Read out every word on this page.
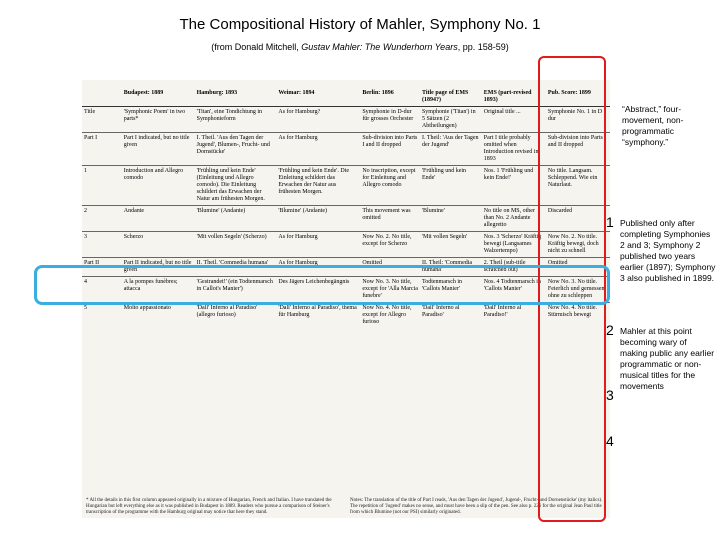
The Compositional History of Mahler, Symphony No. 1
(from Donald Mitchell, Gustav Mahler: The Wunderhorn Years, pp. 158-59)
		Budapest: 1889	Hamburg: 1893	Weimar: 1894	Berlin: 1896	Title page of EMS (1894?)	EMS (part-revised 1893)	Pub. Score: 1899
Title		'Symphonic Poem' in two parts*	'Titan', eine Tondichtung in Symphonieform	As for Hamburg?	Symphonie in D-dur für grosses Orchester	Symphonie ('Titan') in 5 Sätzen (2 Abtheilungen)	Original title ...	Symphonie No. 1 in D dur
Part I		Part I indicated, but no title given	I. Theil. 'Aus den Tagen der Jugend', Blumen-, Frucht- und Dornstücke'	As for Hamburg	Sub-division into Parts I and II dropped	I. Theil: 'Aus der Tagen der Jugend'	Part I title probably omitted when Introduction revised in 1893	Sub-division into Parts I and II dropped
1		Introduction and Allegro comodo	'Frühling und kein Ende' (Einleitung und Allegro comodo). Die Einleitung schildert das Erwachen der Natur am frühesten Morgen.	'Frühling und kein Ende'. Die Einleitung schildert das Erwachen der Natur aus frühesten Morgen.	No inscription, except for Einleitung and Allegro comodo	'Frühling und kein Ende'	Nos. 1 'Frühling und kein Ende!'	No title. Langsam. Schleppend. Wie ein Naturlaut.
2		Andante	'Blumine' (Andante)	'Blumine' (Andante)	This movement was omitted	'Blumine'	No title on MS, other than No. 2 Andante allegretto	Discarded
3		Scherzo	'Mit vollen Segeln' (Scherzo)	As for Hamburg	Now No. 2. No title, except for Scherzo	'Mit vollen Segeln'	Nos. 3 'Scherzo' Kräftig bewegt (Langsames Walzertempo)	Now No. 2. No title. Kräftig bewegt, doch nicht zu schnell
Part II		Part II indicated, but no title given	II. Theil. 'Commedia humana'	As for Hamburg	Omitted	II. Theil: 'Commedia humana'	2. Theil (sub-title scratched out)	Omitted
4		A la pompes funèbres; attacca	'Gestrandet!' (ein Todtenmarsch in Callot's Manier')	Des Jägers Leichenbegängnis	Now No. 3. No title, except for 'Alla Marcia funebre'	Todtenmarsch in 'Callots Manier'	Nos. 4 Todtenmarsch in 'Callots Manier'	Now No. 3. No title. Feierlich und gemessen, ohne zu schleppen
5		Molto appassionato	'Dall' Inferno al Paradiso' (allegro furioso)	'Dall' Inferno al Paradiso', thema für Hamburg	Now No. 4. No title, except for Allegro furioso	'Dall' Inferno al Paradiso'	'Dall' Inferno al Paradiso!'	Now No. 4. No title. Stürmisch bewegt
* All the details in this first column appeared originally in a mixture of Hungarian, French and Italian. I have translated the Hungarian but left everything else as it was published in Budapest in 1889. Readers who pursue a comparison of Steiner's transcription of the programme with the Hamburg original may notice that here they stand.
Notes: The translation of the title of Part I reads, 'Aus den Tagen der Jugend', Jugend-, Frucht- und Dornenstücke' (my italics). The repetition of 'Jugend' makes no sense, and must have been a slip of the pen. See also p. 226 for the original Jean Paul title from which Blumine (not our PSI) similarly originated.
“Abstract,” four-movement, non-programmatic “symphony.”
1 Published only after completing Symphonies 2 and 3; Symphony 2 published two years earlier (1897); Symphony 3 also published in 1899.
2 Mahler at this point becoming wary of making public any earlier programmatic or non-musical titles for the movements
3
4
